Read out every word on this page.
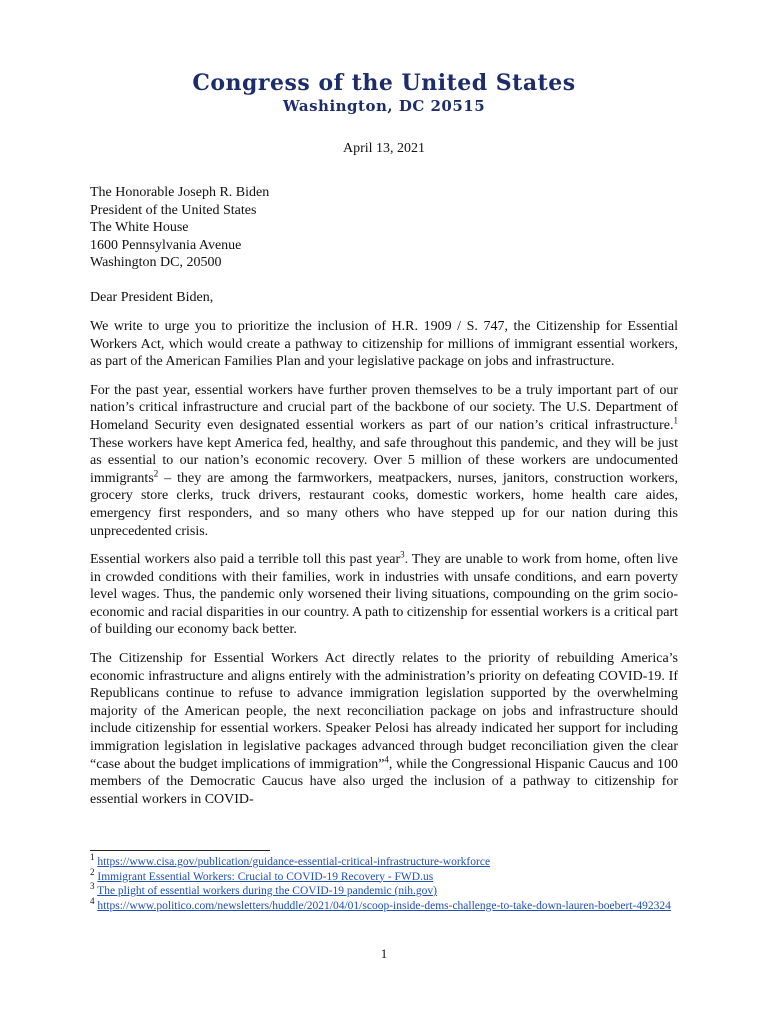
Congress of the United States
Washington, DC 20515
April 13, 2021
The Honorable Joseph R. Biden
President of the United States
The White House
1600 Pennsylvania Avenue
Washington DC, 20500
Dear President Biden,
We write to urge you to prioritize the inclusion of H.R. 1909 / S. 747, the Citizenship for Essential Workers Act, which would create a pathway to citizenship for millions of immigrant essential workers, as part of the American Families Plan and your legislative package on jobs and infrastructure.
For the past year, essential workers have further proven themselves to be a truly important part of our nation’s critical infrastructure and crucial part of the backbone of our society. The U.S. Department of Homeland Security even designated essential workers as part of our nation’s critical infrastructure.$^1$ These workers have kept America fed, healthy, and safe throughout this pandemic, and they will be just as essential to our nation’s economic recovery. Over 5 million of these workers are undocumented immigrants$^2$ – they are among the farmworkers, meatpackers, nurses, janitors, construction workers, grocery store clerks, truck drivers, restaurant cooks, domestic workers, home health care aides, emergency first responders, and so many others who have stepped up for our nation during this unprecedented crisis.
Essential workers also paid a terrible toll this past year$^3$. They are unable to work from home, often live in crowded conditions with their families, work in industries with unsafe conditions, and earn poverty level wages. Thus, the pandemic only worsened their living situations, compounding on the grim socio-economic and racial disparities in our country. A path to citizenship for essential workers is a critical part of building our economy back better.
The Citizenship for Essential Workers Act directly relates to the priority of rebuilding America’s economic infrastructure and aligns entirely with the administration’s priority on defeating COVID-19. If Republicans continue to refuse to advance immigration legislation supported by the overwhelming majority of the American people, the next reconciliation package on jobs and infrastructure should include citizenship for essential workers. Speaker Pelosi has already indicated her support for including immigration legislation in legislative packages advanced through budget reconciliation given the clear “case about the budget implications of immigration”$^4$, while the Congressional Hispanic Caucus and 100 members of the Democratic Caucus have also urged the inclusion of a pathway to citizenship for essential workers in COVID-
$^1$ https://www.cisa.gov/publication/guidance-essential-critical-infrastructure-workforce
$^2$ Immigrant Essential Workers: Crucial to COVID-19 Recovery - FWD.us
$^3$ The plight of essential workers during the COVID-19 pandemic (nih.gov)
$^4$ https://www.politico.com/newsletters/huddle/2021/04/01/scoop-inside-dems-challenge-to-take-down-lauren-boebert-492324
1
